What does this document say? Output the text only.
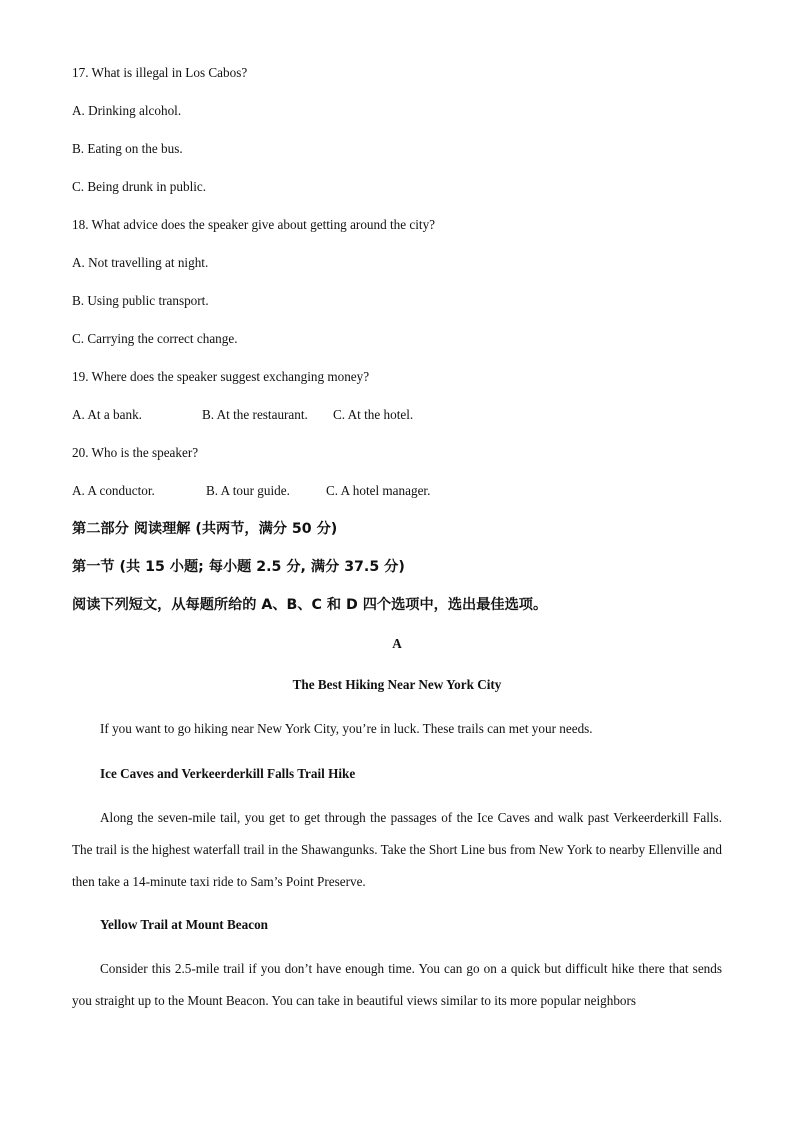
17. What is illegal in Los Cabos?

A. Drinking alcohol.

B. Eating on the bus.

C. Being drunk in public.

18. What advice does the speaker give about getting around the city?

A. Not travelling at night.

B. Using public transport.

C. Carrying the correct change.

19. Where does the speaker suggest exchanging money?

A. At a bank.	B. At the restaurant. C. At the hotel.

20. Who is the speaker?

A. A conductor.	B. A tour guide.	C. A hotel manager.

第二部分 阅读理解 (共两节，满分 50 分)

第一节 (共 15 小题; 每小题 2.5 分, 满分 37.5 分)

阅读下列短文，从每题所给的 A、B、C 和 D 四个选项中，选出最佳选项。

A

The Best Hiking Near New York City

If you want to go hiking near New York City, you’re in luck. These trails can met your needs.

Ice Caves and Verkeerderkill Falls Trail Hike

Along the seven-mile tail, you get to get through the passages of the Ice Caves and walk past Verkeerderkill Falls. The trail is the highest waterfall trail in the Shawangunks. Take the Short Line bus from New York to nearby Ellenville and then take a 14-minute taxi ride to Sam’s Point Preserve.

Yellow Trail at Mount Beacon

Consider this 2.5-mile trail if you don’t have enough time. You can go on a quick but difficult hike there that sends you straight up to the Mount Beacon. You can take in beautiful views similar to its more popular neighbors
